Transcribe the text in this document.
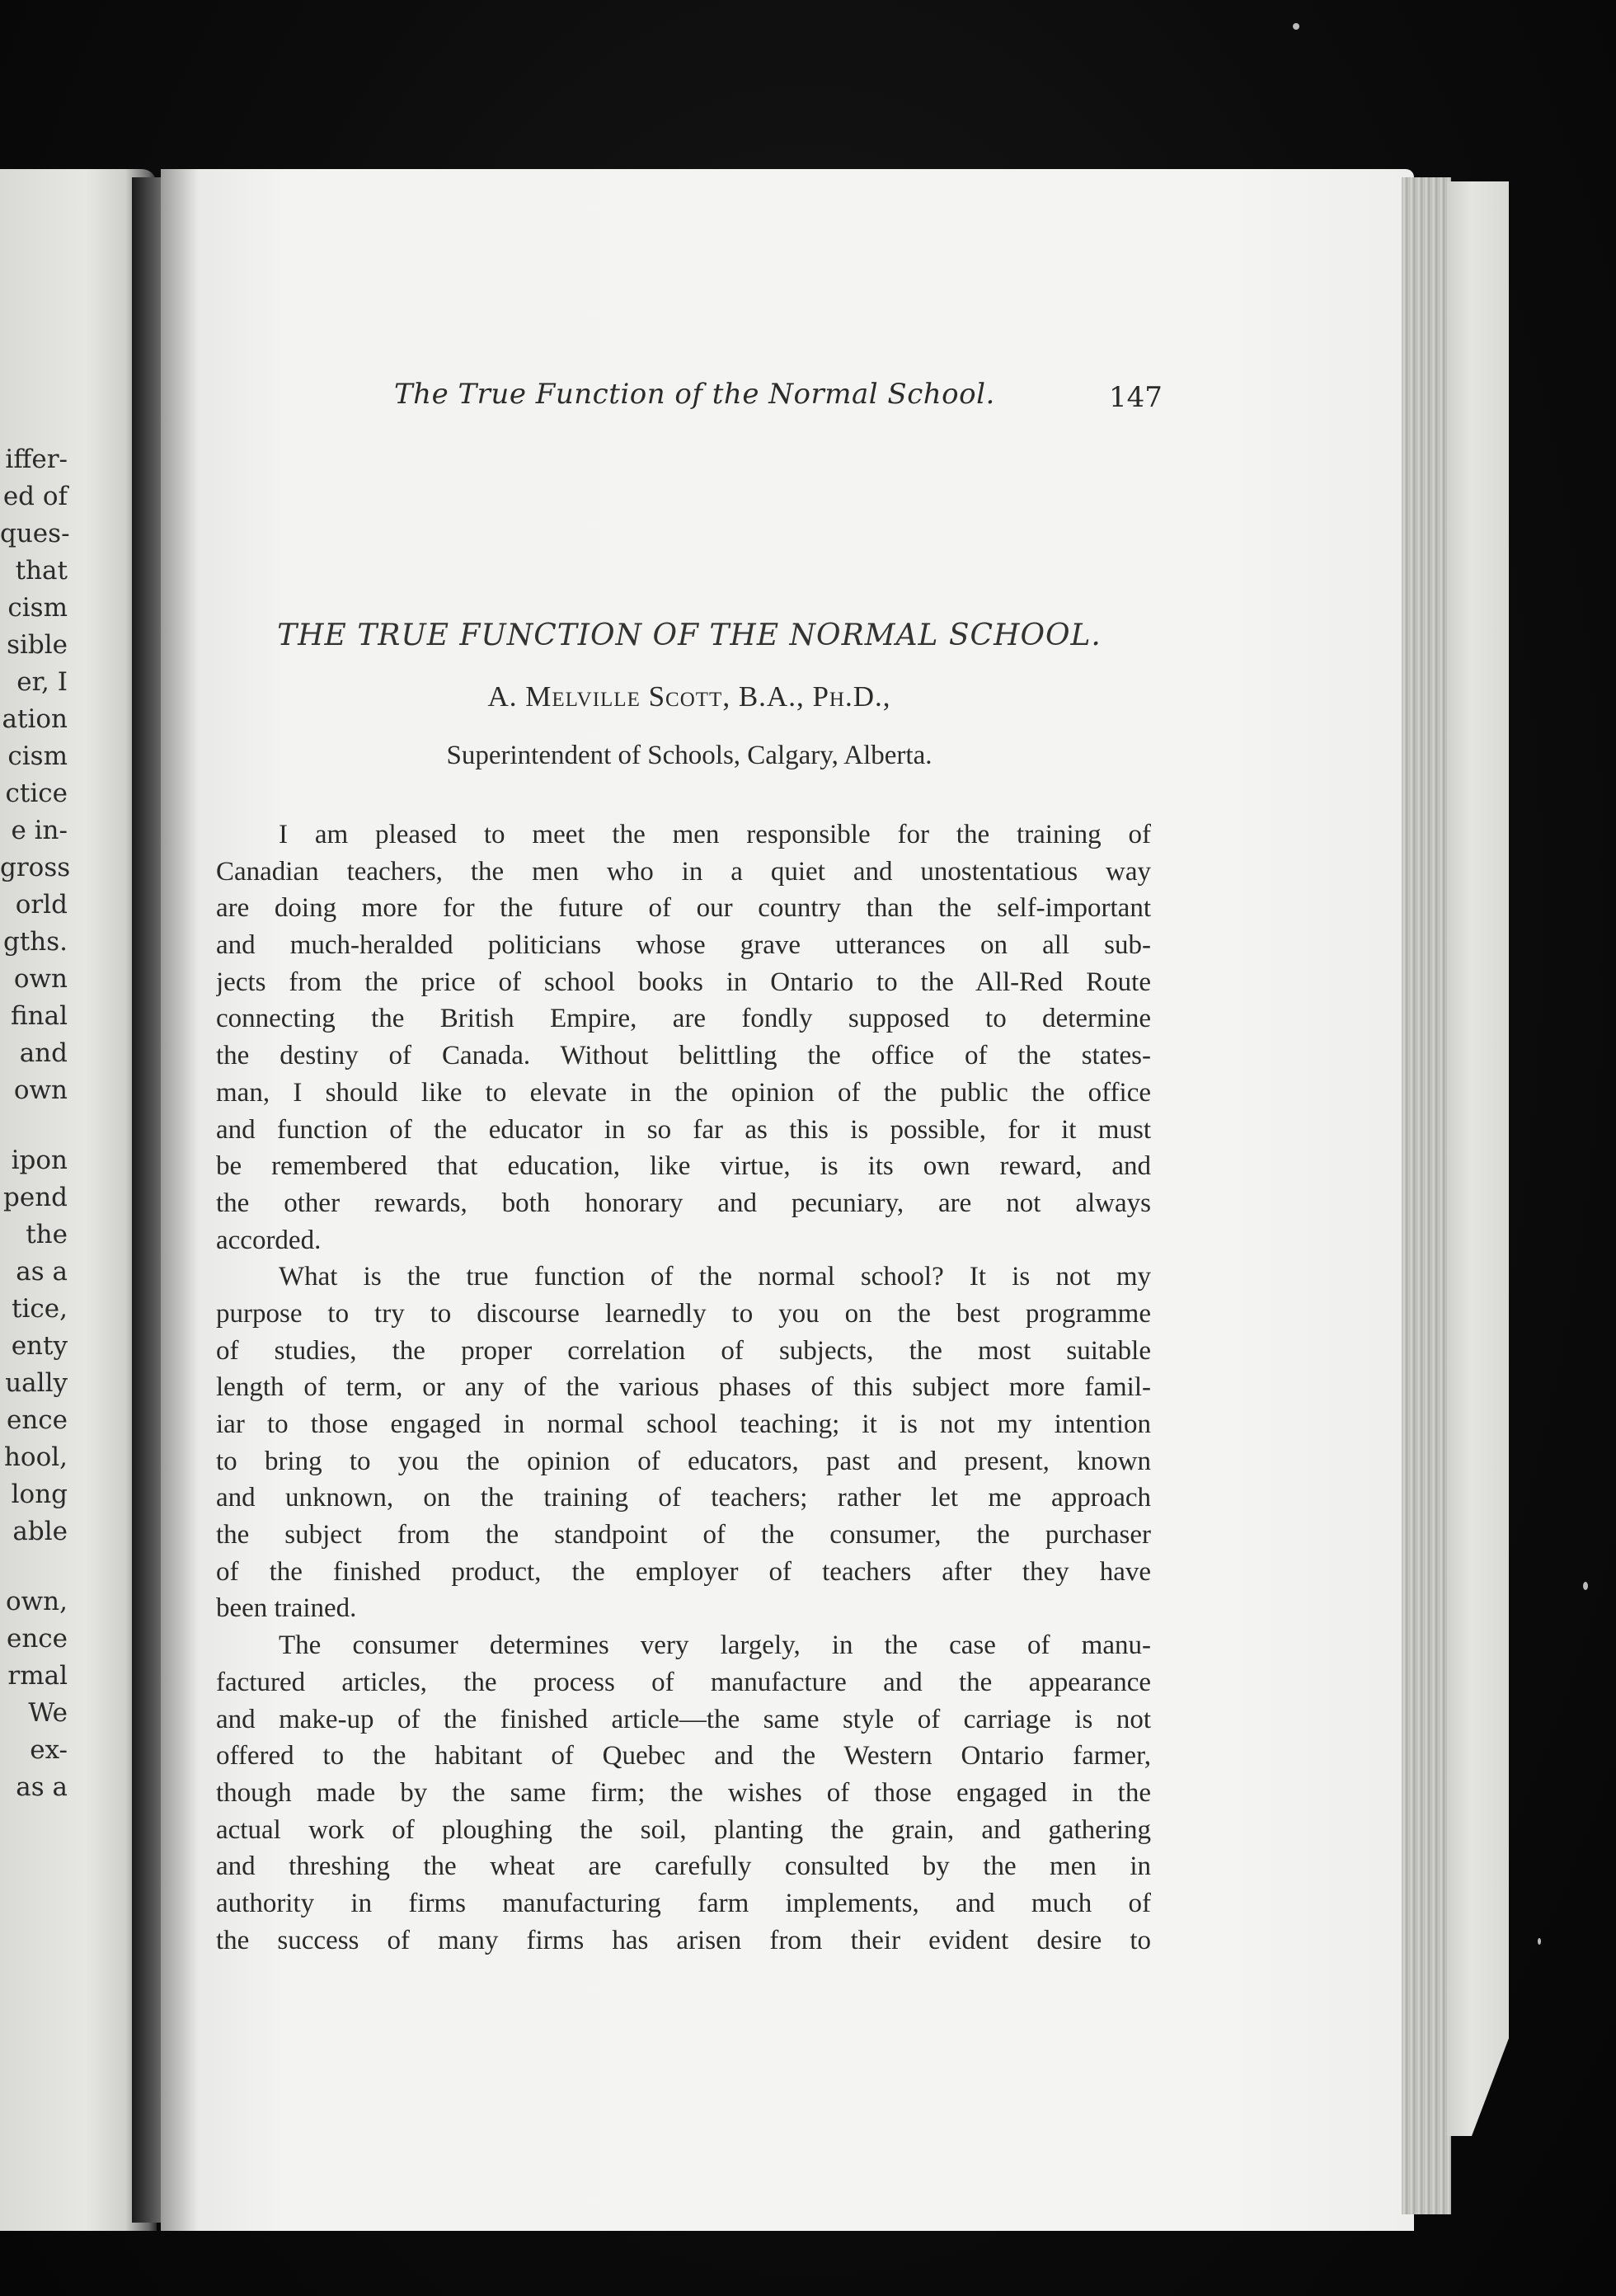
iffer-
ed of
ques-
that
cism
sible
er, I
ation
cism
ctice
e in-
gross
orld
gths.
own
final
and
own
ipon
pend
the
as a
tice,
enty
ually
ence
hool,
long
able
own,
ence
rmal
We
ex-
as a
The True Function of the Normal School.	147
THE TRUE FUNCTION OF THE NORMAL SCHOOL.
A. Melville Scott, B.A., Ph.D.,
Superintendent of Schools, Calgary, Alberta.
I am pleased to meet the men responsible for the training of
Canadian teachers, the men who in a quiet and unostentatious way
are doing more for the future of our country than the self-important
and much-heralded politicians whose grave utterances on all sub-
jects from the price of school books in Ontario to the All-Red Route
connecting the British Empire, are fondly supposed to determine
the destiny of Canada. Without belittling the office of the states-
man, I should like to elevate in the opinion of the public the office
and function of the educator in so far as this is possible, for it must
be remembered that education, like virtue, is its own reward, and
the other rewards, both honorary and pecuniary, are not always
accorded.
What is the true function of the normal school? It is not my
purpose to try to discourse learnedly to you on the best programme
of studies, the proper correlation of subjects, the most suitable
length of term, or any of the various phases of this subject more famil-
iar to those engaged in normal school teaching; it is not my intention
to bring to you the opinion of educators, past and present, known
and unknown, on the training of teachers; rather let me approach
the subject from the standpoint of the consumer, the purchaser
of the finished product, the employer of teachers after they have
been trained.
The consumer determines very largely, in the case of manu-
factured articles, the process of manufacture and the appearance
and make-up of the finished article—the same style of carriage is not
offered to the habitant of Quebec and the Western Ontario farmer,
though made by the same firm; the wishes of those engaged in the
actual work of ploughing the soil, planting the grain, and gathering
and threshing the wheat are carefully consulted by the men in
authority in firms manufacturing farm implements, and much of
the success of many firms has arisen from their evident desire to
